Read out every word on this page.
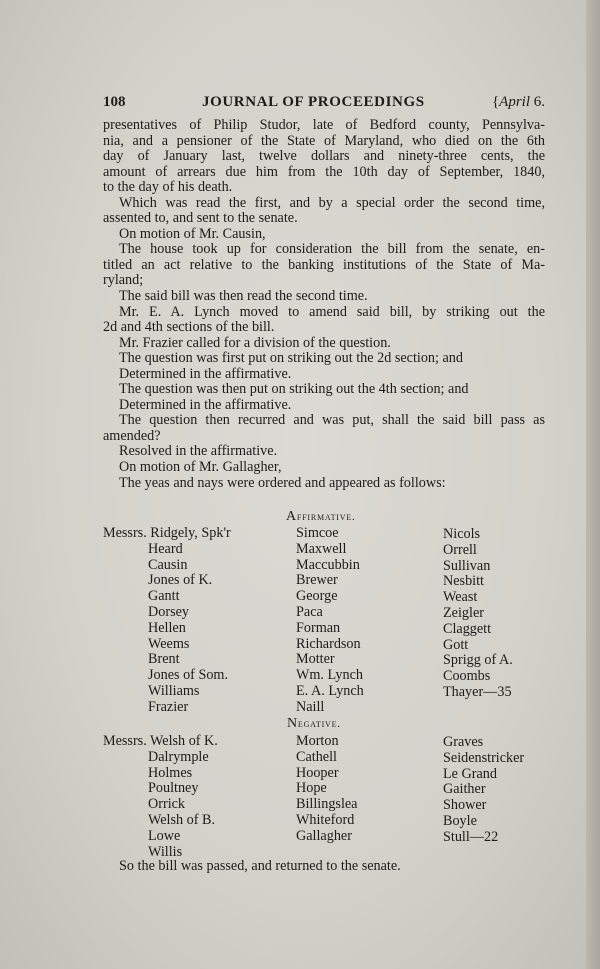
108	JOURNAL OF PROCEEDINGS	{April 6.
presentatives of Philip Studor, late of Bedford county, Pennsylva-
nia, and a pensioner of the State of Maryland, who died on the 6th
day of January last, twelve dollars and ninety-three cents, the
amount of arrears due him from the 10th day of September, 1840,
to the day of his death.
Which was read the first, and by a special order the second time,
assented to, and sent to the senate.
On motion of Mr. Causin,
The house took up for consideration the bill from the senate, en-
titled an act relative to the banking institutions of the State of Ma-
ryland;
The said bill was then read the second time.
Mr. E. A. Lynch moved to amend said bill, by striking out the
2d and 4th sections of the bill.
Mr. Frazier called for a division of the question.
The question was first put on striking out the 2d section; and
Determined in the affirmative.
The question was then put on striking out the 4th section; and
Determined in the affirmative.
The question then recurred and was put, shall the said bill pass as
amended?
Resolved in the affirmative.
On motion of Mr. Gallagher,
The yeas and nays were ordered and appeared as follows:
Affirmative.
Messrs. Ridgely, Spk'r
Heard
Causin
Jones of K.
Gantt
Dorsey
Hellen
Weems
Brent
Jones of Som.
Williams
Frazier
Simcoe
Maxwell
Maccubbin
Brewer
George
Paca
Forman
Richardson
Motter
Wm. Lynch
E. A. Lynch
Naill
Nicols
Orrell
Sullivan
Nesbitt
Weast
Zeigler
Claggett
Gott
Sprigg of A.
Coombs
Thayer—35
Negative.
Messrs. Welsh of K.
Dalrymple
Holmes
Poultney
Orrick
Welsh of B.
Lowe
Willis
Morton
Cathell
Hooper
Hope
Billingslea
Whiteford
Gallagher
Graves
Seidenstricker
Le Grand
Gaither
Shower
Boyle
Stull—22
So the bill was passed, and returned to the senate.
